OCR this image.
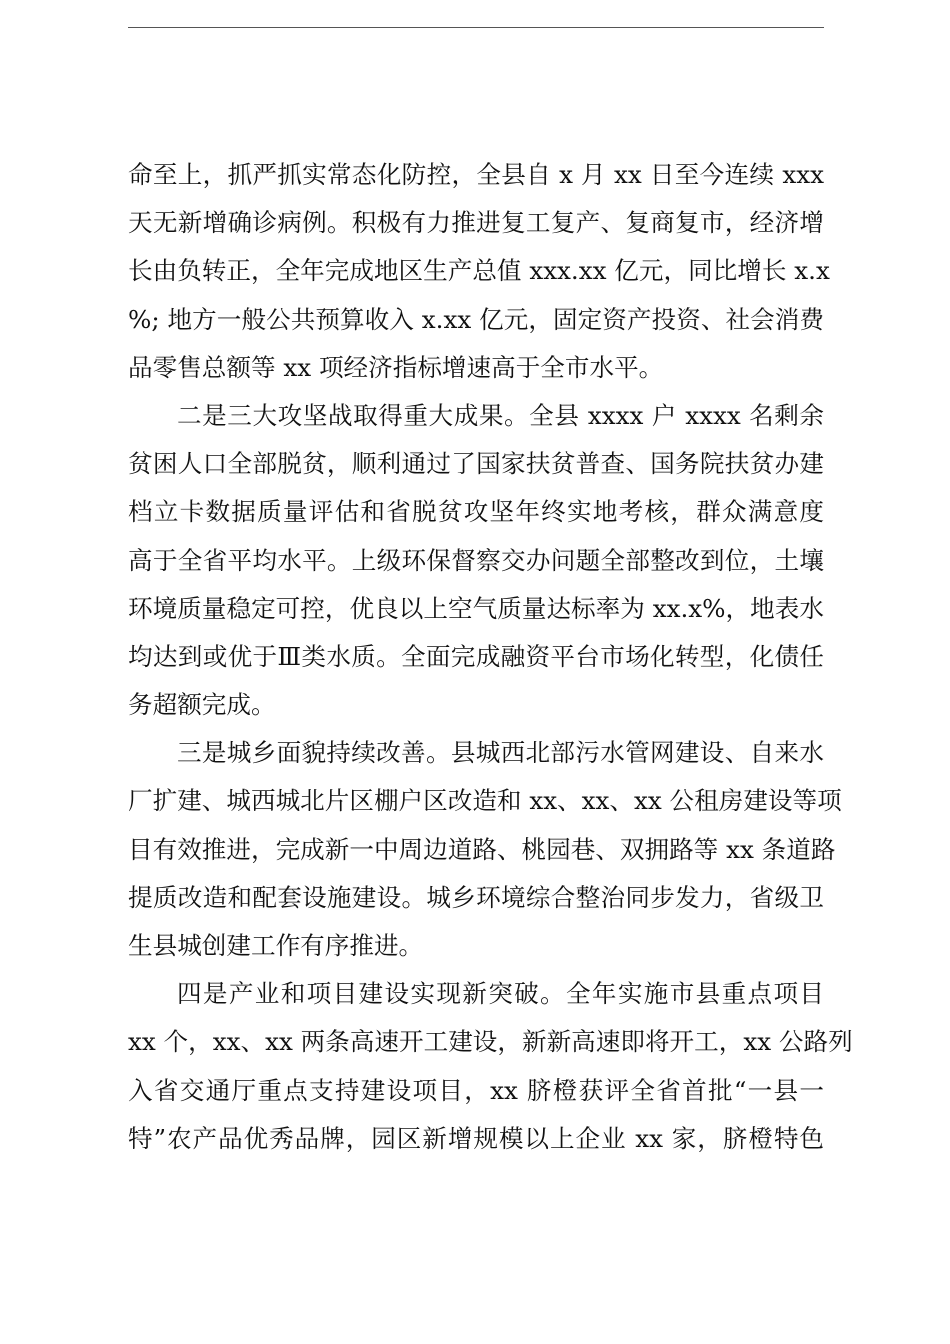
命至上，抓严抓实常态化防控，全县自 x 月 xx 日至今连续 xxx
天无新增确诊病例。积极有力推进复工复产、复商复市，经济增
长由负转正，全年完成地区生产总值 xxx.xx 亿元，同比增长 x.x
%; 地方一般公共预算收入 x.xx 亿元，固定资产投资、社会消费
品零售总额等 xx 项经济指标增速高于全市水平。
二是三大攻坚战取得重大成果。全县 xxxx 户 xxxx 名剩余
贫困人口全部脱贫，顺利通过了国家扶贫普查、国务院扶贫办建
档立卡数据质量评估和省脱贫攻坚年终实地考核，群众满意度
高于全省平均水平。上级环保督察交办问题全部整改到位，土壤
环境质量稳定可控，优良以上空气质量达标率为 xx.x%，地表水
均达到或优于Ⅲ类水质。全面完成融资平台市场化转型，化债任
务超额完成。
三是城乡面貌持续改善。县城西北部污水管网建设、自来水
厂扩建、城西城北片区棚户区改造和 xx、xx、xx 公租房建设等项
目有效推进，完成新一中周边道路、桃园巷、双拥路等 xx 条道路
提质改造和配套设施建设。城乡环境综合整治同步发力，省级卫
生县城创建工作有序推进。
四是产业和项目建设实现新突破。全年实施市县重点项目
xx 个，xx、xx 两条高速开工建设，新新高速即将开工，xx 公路列
入省交通厅重点支持建设项目，xx 脐橙获评全省首批“一县一
特”农产品优秀品牌，园区新增规模以上企业 xx 家，脐橙特色
